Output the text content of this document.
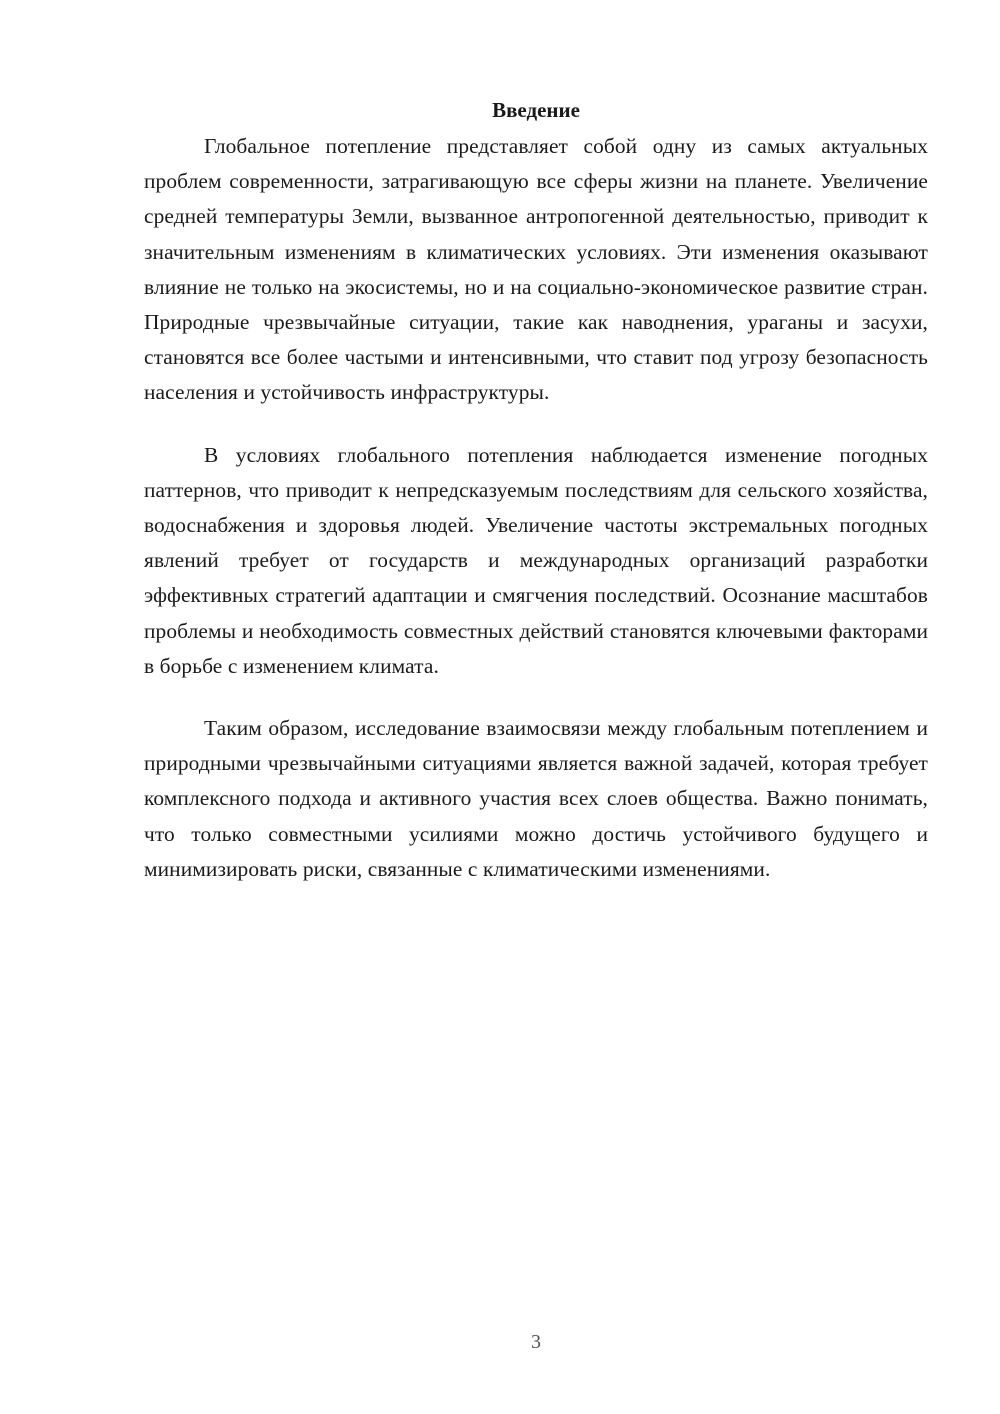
Введение

Глобальное потепление представляет собой одну из самых актуальных проблем современности, затрагивающую все сферы жизни на планете. Увеличение средней температуры Земли, вызванное антропогенной деятельностью, приводит к значительным изменениям в климатических условиях. Эти изменения оказывают влияние не только на экосистемы, но и на социально-экономическое развитие стран. Природные чрезвычайные ситуации, такие как наводнения, ураганы и засухи, становятся все более частыми и интенсивными, что ставит под угрозу безопасность населения и устойчивость инфраструктуры.

В условиях глобального потепления наблюдается изменение погодных паттернов, что приводит к непредсказуемым последствиям для сельского хозяйства, водоснабжения и здоровья людей. Увеличение частоты экстремальных погодных явлений требует от государств и международных организаций разработки эффективных стратегий адаптации и смягчения последствий. Осознание масштабов проблемы и необходимость совместных действий становятся ключевыми факторами в борьбе с изменением климата.

Таким образом, исследование взаимосвязи между глобальным потеплением и природными чрезвычайными ситуациями является важной задачей, которая требует комплексного подхода и активного участия всех слоев общества. Важно понимать, что только совместными усилиями можно достичь устойчивого будущего и минимизировать риски, связанные с климатическими изменениями.

3
